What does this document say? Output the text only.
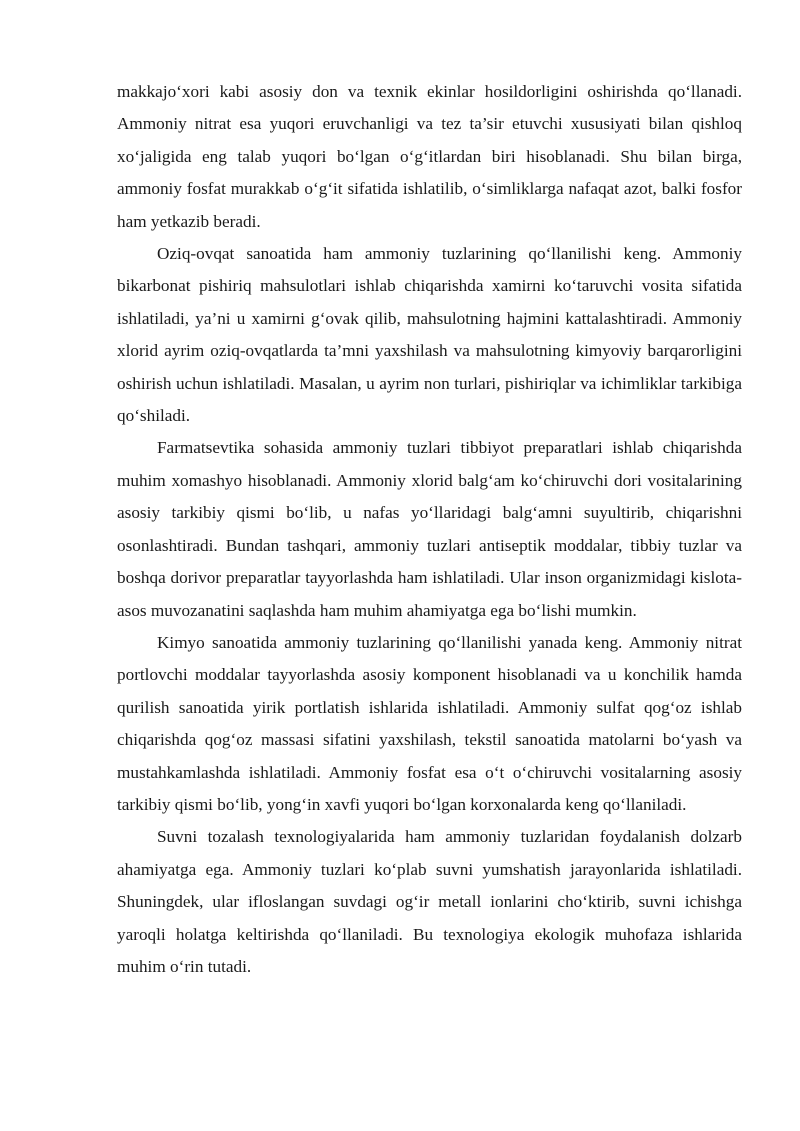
makkajo‘xori kabi asosiy don va texnik ekinlar hosildorligini oshirishda qo‘llanadi. Ammoniy nitrat esa yuqori eruvchanligi va tez ta’sir etuvchi xususiyati bilan qishloq xo‘jaligida eng talab yuqori bo‘lgan o‘g‘itlardan biri hisoblanadi. Shu bilan birga, ammoniy fosfat murakkab o‘g‘it sifatida ishlatilib, o‘simliklarga nafaqat azot, balki fosfor ham yetkazib beradi.

Oziq-ovqat sanoatida ham ammoniy tuzlarining qo‘llanilishi keng. Ammoniy bikarbonat pishiriq mahsulotlari ishlab chiqarishda xamirni ko‘taruvchi vosita sifatida ishlatiladi, ya’ni u xamirni g‘ovak qilib, mahsulotning hajmini kattalashtiradi. Ammoniy xlorid ayrim oziq-ovqatlarda ta’mni yaxshilash va mahsulotning kimyoviy barqarorligini oshirish uchun ishlatiladi. Masalan, u ayrim non turlari, pishiriqlar va ichimliklar tarkibiga qo‘shiladi.

Farmatsevtika sohasida ammoniy tuzlari tibbiyot preparatlari ishlab chiqarishda muhim xomashyo hisoblanadi. Ammoniy xlorid balg‘am ko‘chiruvchi dori vositalarining asosiy tarkibiy qismi bo‘lib, u nafas yo‘llaridagi balg‘amni suyultirib, chiqarishni osonlashtiradi. Bundan tashqari, ammoniy tuzlari antiseptik moddalar, tibbiy tuzlar va boshqa dorivor preparatlar tayyorlashda ham ishlatiladi. Ular inson organizmidagi kislota-asos muvozanatini saqlashda ham muhim ahamiyatga ega bo‘lishi mumkin.

Kimyo sanoatida ammoniy tuzlarining qo‘llanilishi yanada keng. Ammoniy nitrat portlovchi moddalar tayyorlashda asosiy komponent hisoblanadi va u konchilik hamda qurilish sanoatida yirik portlatish ishlarida ishlatiladi. Ammoniy sulfat qog‘oz ishlab chiqarishda qog‘oz massasi sifatini yaxshilash, tekstil sanoatida matolarni bo‘yash va mustahkamlashda ishlatiladi. Ammoniy fosfat esa o‘t o‘chiruvchi vositalarning asosiy tarkibiy qismi bo‘lib, yong‘in xavfi yuqori bo‘lgan korxonalarda keng qo‘llaniladi.

Suvni tozalash texnologiyalarida ham ammoniy tuzlaridan foydalanish dolzarb ahamiyatga ega. Ammoniy tuzlari ko‘plab suvni yumshatish jarayonlarida ishlatiladi. Shuningdek, ular ifloslangan suvdagi og‘ir metall ionlarini cho‘ktirib, suvni ichishga yaroqli holatga keltirishda qo‘llaniladi. Bu texnologiya ekologik muhofaza ishlarida muhim o‘rin tutadi.
